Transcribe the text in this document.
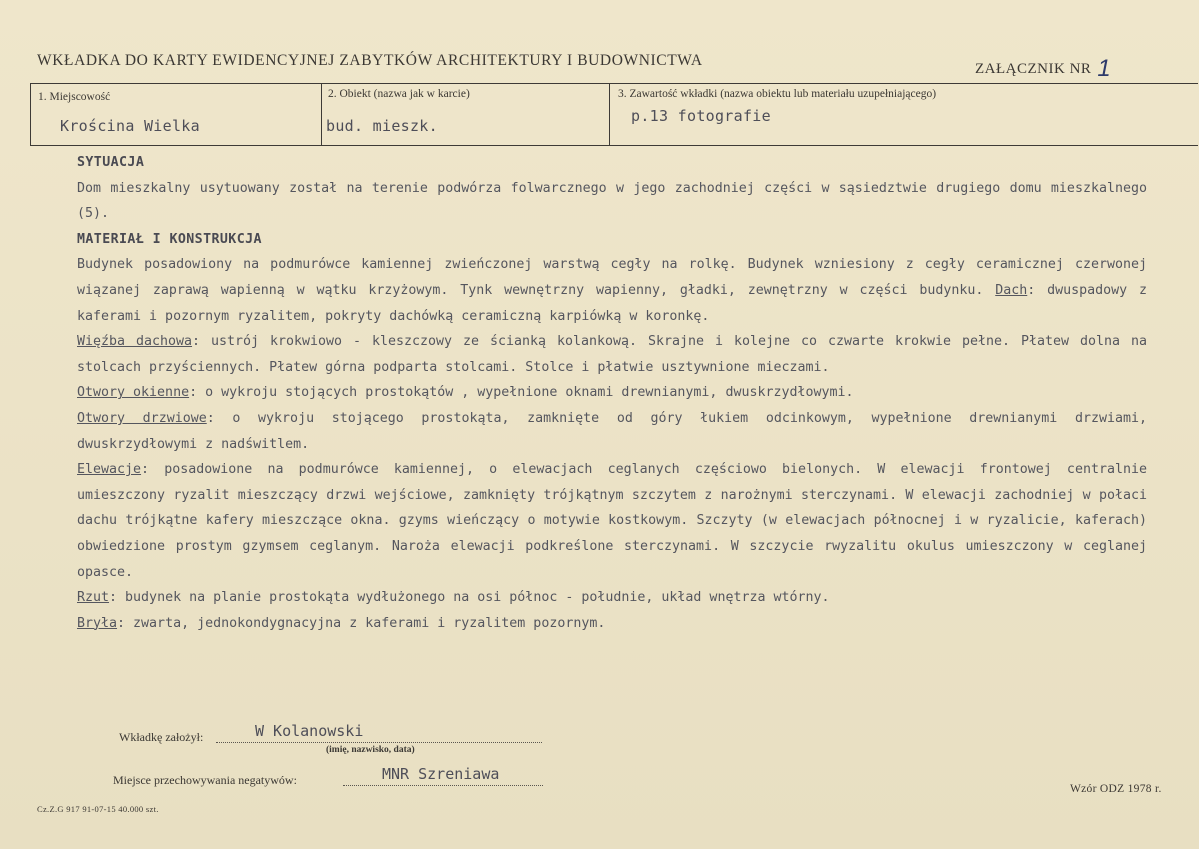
WKŁADKA DO KARTY EWIDENCYJNEJ ZABYTKÓW ARCHITEKTURY I BUDOWNICTWA	ZAŁĄCZNIK NR 1
1. Miejscowość
Krościna Wielka
2. Obiekt (nazwa jak w karcie)
bud. mieszk.
3. Zawartość wkładki (nazwa obiektu lub materiału uzupełniającego)
p.13 fotografie

SYTUACJA

Dom mieszkalny usytuowany został na terenie podwórza folwarcznego w jego zachodniej części w sąsiedztwie drugiego domu mieszkalnego (5).

MATERIAŁ I KONSTRUKCJA

Budynek posadowiony na podmurówce kamiennej zwieńczonej warstwą cegły na rolkę. Budynek wzniesiony z cegły ceramicznej czerwonej wiązanej zaprawą wapienną w wątku krzyżowym. Tynk wewnętrzny wapienny, gładki, zewnętrzny w części budynku. Dach: dwuspadowy z kaferami i pozornym ryzalitem, pokryty dachówką ceramiczną karpiówką w koronkę.

Więźba dachowa: ustrój krokwiowo - kleszczowy ze ścianką kolankową. Skrajne i kolejne co czwarte krokwie pełne. Płatew dolna na stolcach przyściennych. Płatew górna podparta stolcami. Stolce i płatwie usztywnione mieczami.

Otwory okienne: o wykroju stojących prostokątów , wypełnione oknami drewnianymi, dwuskrzydłowymi.

Otwory drzwiowe: o wykroju stojącego prostokąta, zamknięte od góry łukiem odcinkowym, wypełnione drewnianymi drzwiami, dwuskrzydłowymi z nadświtlem.

Elewacje: posadowione na podmurówce kamiennej, o elewacjach ceglanych częściowo bielonych. W elewacji frontowej centralnie umieszczony ryzalit mieszczący drzwi wejściowe, zamknięty trójkątnym szczytem z narożnymi sterczynami. W elewacji zachodniej w połaci dachu trójkątne kafery mieszczące okna. gzyms wieńczący o motywie kostkowym. Szczyty (w elewacjach północnej i w ryzalicie, kaferach) obwiedzione prostym gzymsem ceglanym. Naroża elewacji podkreślone sterczynami. W szczycie rwyzalitu okulus umieszczony w ceglanej opasce.

Rzut: budynek na planie prostokąta wydłużonego na osi północ - południe, układ wnętrza wtórny.

Bryła: zwarta, jednokondygnacyjna z kaferami i ryzalitem pozornym.

Wkładkę założył:	W Kolanowski
(imię, nazwisko, data)
Miejsce przechowywania negatywów:	MNR Szreniawa
Cz.Z.G 917 91-07-15 40.000 szt.
Wzór ODZ 1978 r.
